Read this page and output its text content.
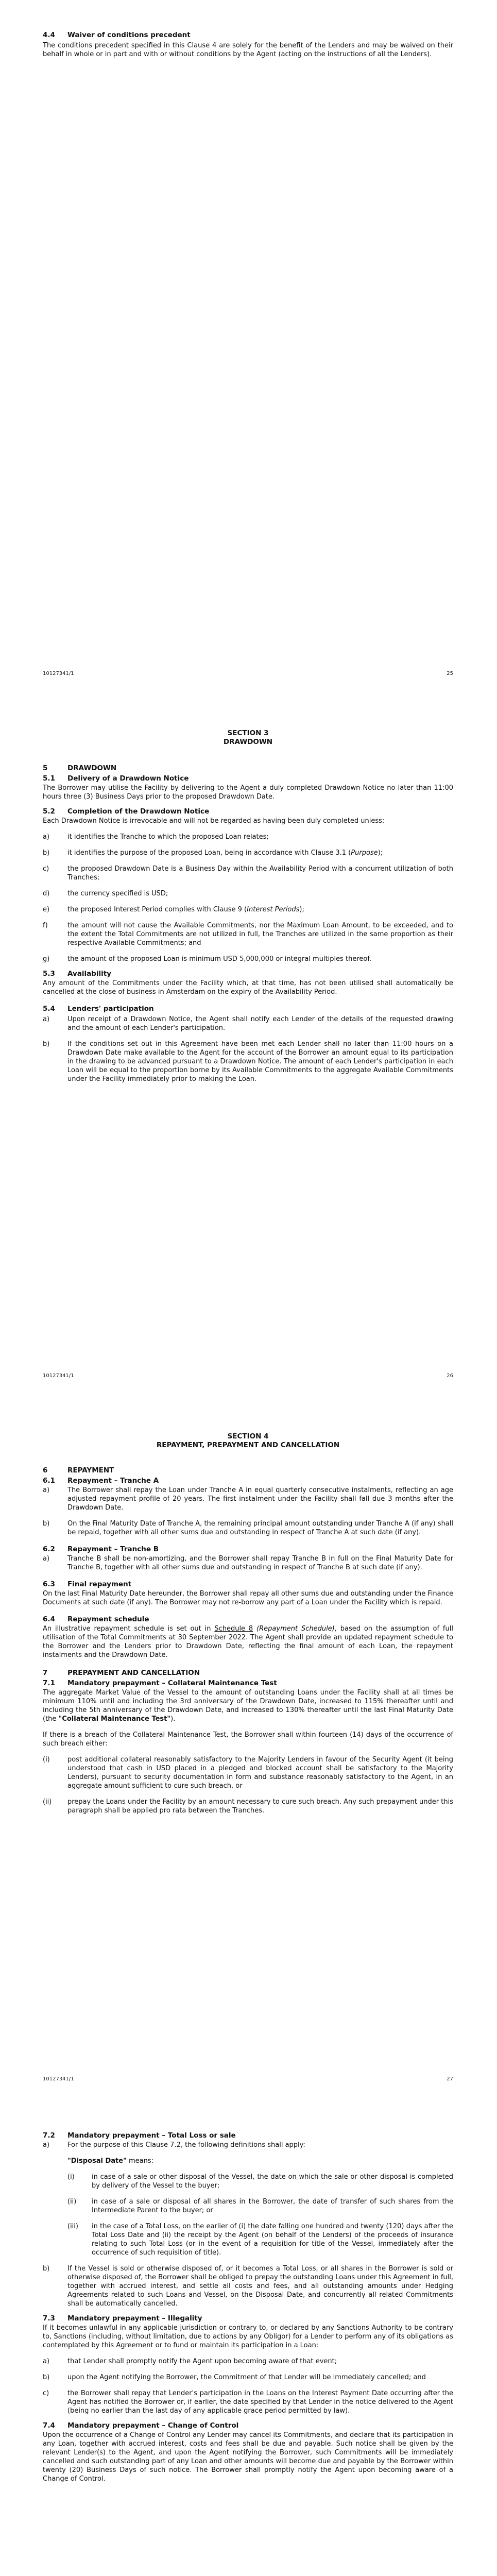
4.4 Waiver of conditions precedent

The conditions precedent specified in this Clause 4 are solely for the benefit of the Lenders and may be waived on their behalf in whole or in part and with or without conditions by the Agent (acting on the instructions of all the Lenders).

10127341/1	25
SECTION 3
DRAWDOWN

5	DRAWDOWN

5.1 Delivery of a Drawdown Notice

The Borrower may utilise the Facility by delivering to the Agent a duly completed Drawdown Notice no later than 11:00 hours three (3) Business Days prior to the proposed Drawdown Date.

5.2 Completion of the Drawdown Notice

Each Drawdown Notice is irrevocable and will not be regarded as having been duly completed unless:

a)	it identifies the Tranche to which the proposed Loan relates;

b)	it identifies the purpose of the proposed Loan, being in accordance with Clause 3.1 (Purpose);

c)	the proposed Drawdown Date is a Business Day within the Availability Period with a concurrent utilization of both Tranches;

d)	the currency specified is USD;

e)	the proposed Interest Period complies with Clause 9 (Interest Periods);

f)	the amount will not cause the Available Commitments, nor the Maximum Loan Amount, to be exceeded, and to the extent the Total Commitments are not utilized in full, the Tranches are utilized in the same proportion as their respective Available Commitments; and

g)	the amount of the proposed Loan is minimum USD 5,000,000 or integral multiples thereof.

5.3 Availability

Any amount of the Commitments under the Facility which, at that time, has not been utilised shall automatically be cancelled at the close of business in Amsterdam on the expiry of the Availability Period.

5.4 Lenders' participation

a)	Upon receipt of a Drawdown Notice, the Agent shall notify each Lender of the details of the requested drawing and the amount of each Lender's participation.

b)	If the conditions set out in this Agreement have been met each Lender shall no later than 11:00 hours on a Drawdown Date make available to the Agent for the account of the Borrower an amount equal to its participation in the drawing to be advanced pursuant to a Drawdown Notice. The amount of each Lender's participation in each Loan will be equal to the proportion borne by its Available Commitments to the aggregate Available Commitments under the Facility immediately prior to making the Loan.

10127341/1	26
SECTION 4
REPAYMENT, PREPAYMENT AND CANCELLATION

6	REPAYMENT

6.1 Repayment – Tranche A

a)	The Borrower shall repay the Loan under Tranche A in equal quarterly consecutive instalments, reflecting an age adjusted repayment profile of 20 years. The first instalment under the Facility shall fall due 3 months after the Drawdown Date.

b)	On the Final Maturity Date of Tranche A, the remaining principal amount outstanding under Tranche A (if any) shall be repaid, together with all other sums due and outstanding in respect of Tranche A at such date (if any).

6.2 Repayment – Tranche B

a)	Tranche B shall be non-amortizing, and the Borrower shall repay Tranche B in full on the Final Maturity Date for Tranche B, together with all other sums due and outstanding in respect of Tranche B at such date (if any).

6.3 Final repayment

On the last Final Maturity Date hereunder, the Borrower shall repay all other sums due and outstanding under the Finance Documents at such date (if any). The Borrower may not re-borrow any part of a Loan under the Facility which is repaid.

6.4 Repayment schedule

An illustrative repayment schedule is set out in Schedule 8 (Repayment Schedule), based on the assumption of full utilisation of the Total Commitments at 30 September 2022. The Agent shall provide an updated repayment schedule to the Borrower and the Lenders prior to Drawdown Date, reflecting the final amount of each Loan, the repayment instalments and the Drawdown Date.

7	PREPAYMENT AND CANCELLATION

7.1 Mandatory prepayment – Collateral Maintenance Test

The aggregate Market Value of the Vessel to the amount of outstanding Loans under the Facility shall at all times be minimum 110% until and including the 3rd anniversary of the Drawdown Date, increased to 115% thereafter until and including the 5th anniversary of the Drawdown Date, and increased to 130% thereafter until the last Final Maturity Date (the "Collateral Maintenance Test").

If there is a breach of the Collateral Maintenance Test, the Borrower shall within fourteen (14) days of the occurrence of such breach either:

(i)	post additional collateral reasonably satisfactory to the Majority Lenders in favour of the Security Agent (it being understood that cash in USD placed in a pledged and blocked account shall be satisfactory to the Majority Lenders), pursuant to security documentation in form and substance reasonably satisfactory to the Agent, in an aggregate amount sufficient to cure such breach, or

(ii) prepay the Loans under the Facility by an amount necessary to cure such breach. Any such prepayment under this paragraph shall be applied pro rata between the Tranches.

10127341/1	27

7.2 Mandatory prepayment – Total Loss or sale

a)	For the purpose of this Clause 7.2, the following definitions shall apply:

"Disposal Date" means:

(i)	in case of a sale or other disposal of the Vessel, the date on which the sale or other disposal is completed by delivery of the Vessel to the buyer;

(ii) in case of a sale or disposal of all shares in the Borrower, the date of transfer of such shares from the Intermediate Parent to the buyer; or

(iii) in the case of a Total Loss, on the earlier of (i) the date falling one hundred and twenty (120) days after the Total Loss Date and (ii) the receipt by the Agent (on behalf of the Lenders) of the proceeds of insurance relating to such Total Loss (or in the event of a requisition for title of the Vessel, immediately after the occurrence of such requisition of title).

b)	If the Vessel is sold or otherwise disposed of, or it becomes a Total Loss, or all shares in the Borrower is sold or otherwise disposed of, the Borrower shall be obliged to prepay the outstanding Loans under this Agreement in full, together with accrued interest, and settle all costs and fees, and all outstanding amounts under Hedging Agreements related to such Loans and Vessel, on the Disposal Date, and concurrently all related Commitments shall be automatically cancelled.

7.3 Mandatory prepayment – Illegality

If it becomes unlawful in any applicable jurisdiction or contrary to, or declared by any Sanctions Authority to be contrary to, Sanctions (including, without limitation, due to actions by any Obligor) for a Lender to perform any of its obligations as contemplated by this Agreement or to fund or maintain its participation in a Loan:

a)	that Lender shall promptly notify the Agent upon becoming aware of that event;

b)	upon the Agent notifying the Borrower, the Commitment of that Lender will be immediately cancelled; and

c)	the Borrower shall repay that Lender's participation in the Loans on the Interest Payment Date occurring after the Agent has notified the Borrower or, if earlier, the date specified by that Lender in the notice delivered to the Agent (being no earlier than the last day of any applicable grace period permitted by law).

7.4 Mandatory prepayment – Change of Control

Upon the occurrence of a Change of Control any Lender may cancel its Commitments, and declare that its participation in any Loan, together with accrued interest, costs and fees shall be due and payable. Such notice shall be given by the relevant Lender(s) to the Agent, and upon the Agent notifying the Borrower, such Commitments will be immediately cancelled and such outstanding part of any Loan and other amounts will become due and payable by the Borrower within twenty (20) Business Days of such notice. The Borrower shall promptly notify the Agent upon becoming aware of a Change of Control.
